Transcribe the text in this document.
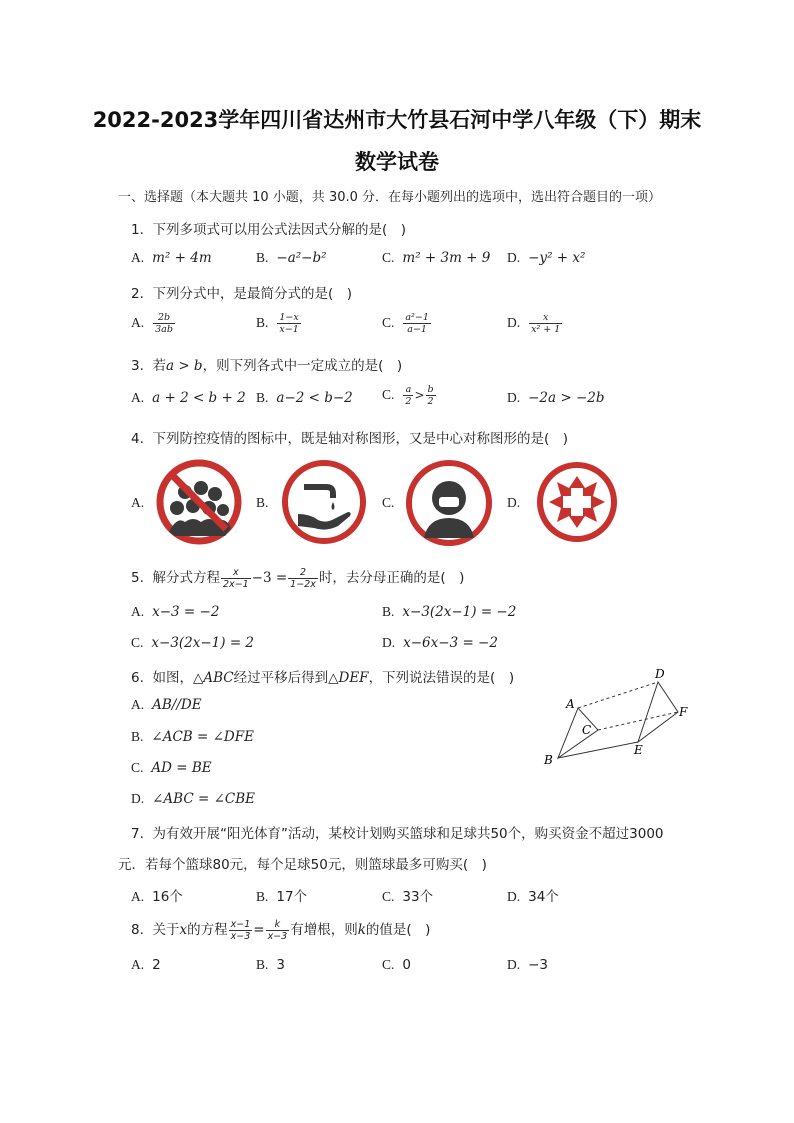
2022-2023学年四川省达州市大竹县石河中学八年级（下）期末
数学试卷
一、选择题（本大题共 10 小题，共 30.0 分．在每小题列出的选项中，选出符合题目的一项）
1. 下列多项式可以用公式法因式分解的是(　)
A. m² + 4m	B. −a²−b²	C. m² + 3m + 9 D. −y² + x²
2. 下列分式中，是最简分式的是(　)
A. $\frac{2b}{3ab}$	B. $\frac{1-x}{x-1}$	C. $\frac{\text{a²−1}}{a-1}$	D. $\frac{x}{\text{x² + 1}}$
3. 若a > b，则下列各式中一定成立的是(　)
A. a + 2 < b + 2 B. a−2 < b−2 C. $\frac{a}{2} > \frac{b}{2}$	D. −2a > −2b
4. 下列防控疫情的图标中，既是轴对称图形，又是中心对称图形的是(　)
A.	B.	C.	D.
5. 解分式方程 $\frac{x}{2x-1} -3 = \frac{2}{1-2x}$ 时，去分母正确的是(　)
A. x−3 = −2	B. x−3(2x−1) = −2
C. x−3(2x−1) = 2	D. x−6x−3 = −2
6. 如图，△ABC经过平移后得到△DEF，下列说法错误的是(　)
A. AB//DE
B. ∠ACB = ∠DFE
C. AD = BE
D. ∠ABC = ∠CBE
A
B
C
D
E
F
7. 为有效开展“阳光体育”活动，某校计划购买篮球和足球共50个，购买资金不超过3000
元．若每个篮球80元，每个足球50元，则篮球最多可购买(　)
A. 16个	B. 17个	C. 33个	D. 34个
8. 关于x的方程 $\frac{x-1}{x-3} = \frac{k}{x-3}$ 有增根，则k的值是(　)
A. 2	B. 3	C. 0	D. −3
